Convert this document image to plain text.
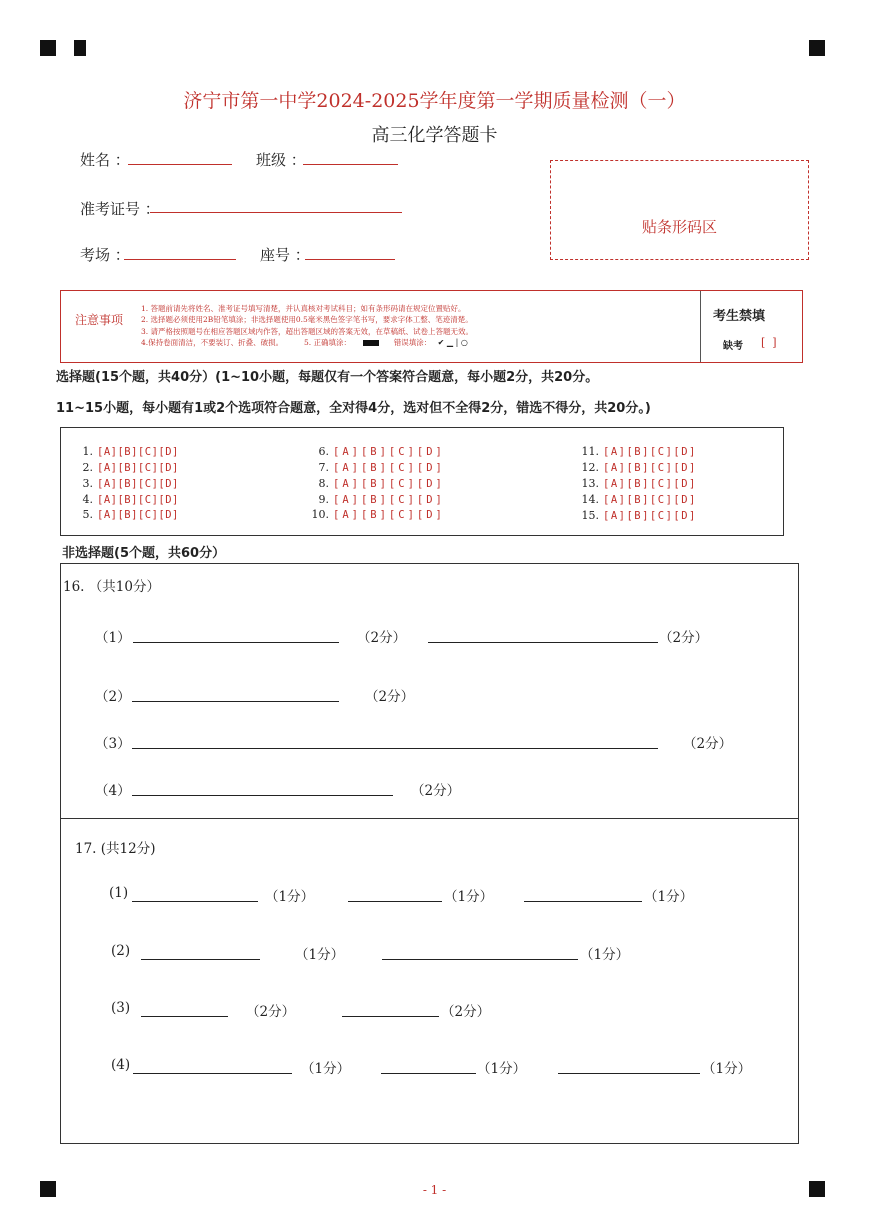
济宁市第一中学2024-2025学年度第一学期质量检测（一）
高三化学答题卡
姓名 ：	班级 ：
准考证号 ：
考场 ：	座号 ：
贴条形码区
注意事项
1. 答题前请先将姓名、准考证号填写清楚，并认真核对考试科目；如有条形码请在规定位置贴好。
2. 选择题必须使用2B铅笔填涂；非选择题使用0.5毫米黑色签字笔书写，要求字体工整、笔迹清楚。
3. 请严格按照题号在相应答题区域内作答，超出答题区域的答案无效，在草稿纸、试卷上答题无效。
4.保持卷面清洁，不要装订、折叠、破损。	5. 正确填涂：	错误填涂： ✔ ▁ | ○
考生禁填
缺考 [  ]
选择题(15个题，共40分）(1~10小题，每题仅有一个答案符合题意，每小题2分，共20分。
11~15小题，每小题有1或2个选项符合题意，全对得4分，选对但不全得2分，错选不得分，共20分。)
1. [A][B][C][D]
2. [A][B][C][D]
3. [A][B][C][D]
4. [A][B][C][D]
5. [A][B][C][D]
6. [A][B][C][D]
7. [A][B][C][D]
8. [A][B][C][D]
9. [A][B][C][D]
10. [A][B][C][D]
11. [A][B][C][D]
12. [A][B][C][D]
13. [A][B][C][D]
14. [A][B][C][D]
15. [A][B][C][D]
非选择题(5个题，共60分）
16. （共10分）
（1）	（2分）	（2分）
（2）	（2分）
（3）	（2分）
（4）	（2分）
17. (共12分)
(1)	（1分）	（1分）	（1分）
(2)	（1分）	（1分）
(3)	（2分）	（2分）
(4)	（1分）	（1分）	（1分）
- 1 -
